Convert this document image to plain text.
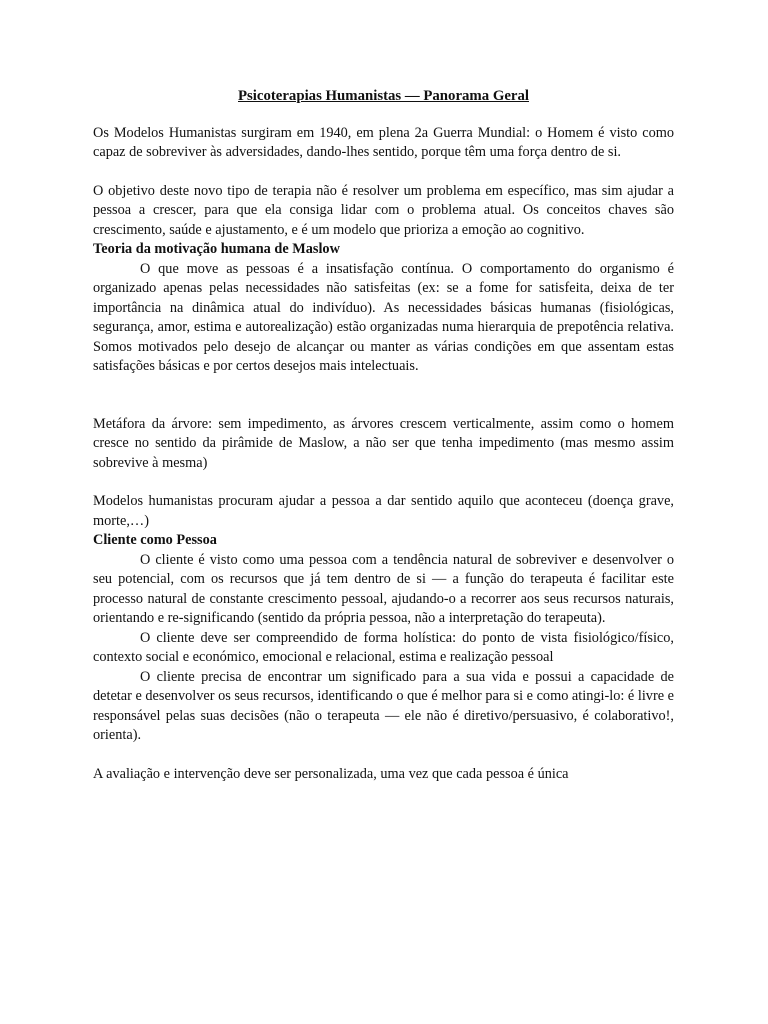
Psicoterapias Humanistas — Panorama Geral

Os Modelos Humanistas surgiram em 1940, em plena 2a Guerra Mundial: o Homem é visto como capaz de sobreviver às adversidades, dando-lhes sentido, porque têm uma força dentro de si.

O objetivo deste novo tipo de terapia não é resolver um problema em específico, mas sim ajudar a pessoa a crescer, para que ela consiga lidar com o problema atual. Os conceitos chaves são crescimento, saúde e ajustamento, e é um modelo que prioriza a emoção ao cognitivo.

Teoria da motivação humana de Maslow

O que move as pessoas é a insatisfação contínua. O comportamento do organismo é organizado apenas pelas necessidades não satisfeitas (ex: se a fome for satisfeita, deixa de ter importância na dinâmica atual do indivíduo). As necessidades básicas humanas (fisiológicas, segurança, amor, estima e autorealização) estão organizadas numa hierarquia de prepotência relativa. Somos motivados pelo desejo de alcançar ou manter as várias condições em que assentam estas satisfações básicas e por certos desejos mais intelectuais.

Metáfora da árvore: sem impedimento, as árvores crescem verticalmente, assim como o homem cresce no sentido da pirâmide de Maslow, a não ser que tenha impedimento (mas mesmo assim sobrevive à mesma)

Modelos humanistas procuram ajudar a pessoa a dar sentido aquilo que aconteceu (doença grave, morte,…)

Cliente como Pessoa

O cliente é visto como uma pessoa com a tendência natural de sobreviver e desenvolver o seu potencial, com os recursos que já tem dentro de si — a função do terapeuta é facilitar este processo natural de constante crescimento pessoal, ajudando-o a recorrer aos seus recursos naturais, orientando e re-significando (sentido da própria pessoa, não a interpretação do terapeuta).

O cliente deve ser compreendido de forma holística: do ponto de vista fisiológico/físico, contexto social e económico, emocional e relacional, estima e realização pessoal

O cliente precisa de encontrar um significado para a sua vida e possui a capacidade de detetar e desenvolver os seus recursos, identificando o que é melhor para si e como atingi-lo: é livre e responsável pelas suas decisões (não o terapeuta — ele não é diretivo/persuasivo, é colaborativo!, orienta).

A avaliação e intervenção deve ser personalizada, uma vez que cada pessoa é única
